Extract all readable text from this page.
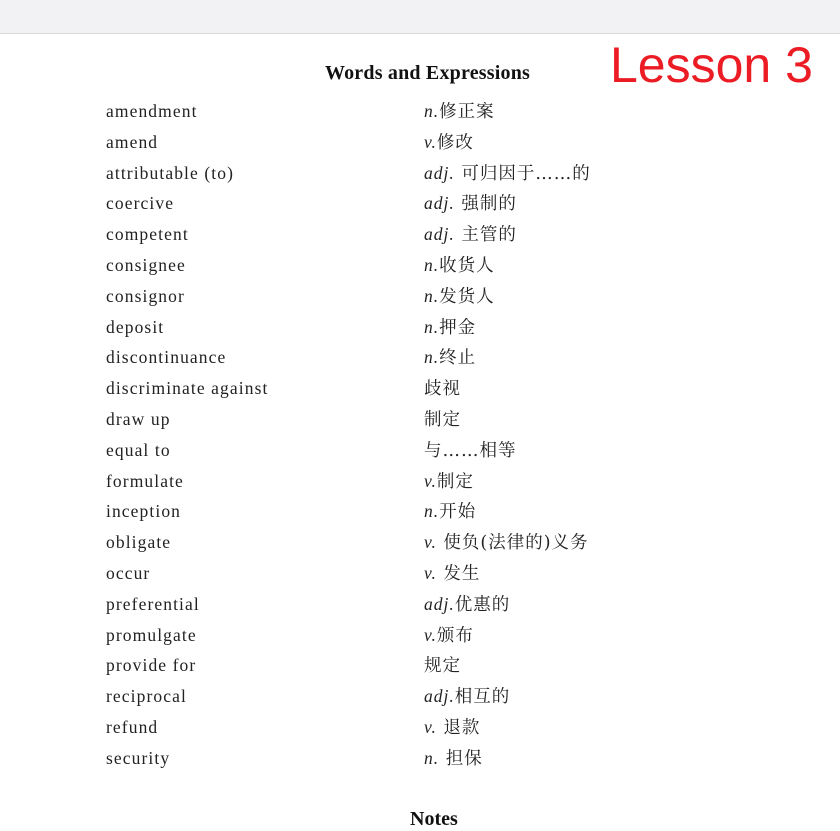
Words and Expressions Lesson 3
amendment	n.修正案
amend	v.修改
attributable (to)	adj. 可归因于……的
coercive	adj. 强制的
competent	adj. 主管的
consignee	n.收货人
consignor	n.发货人
deposit	n.押金
discontinuance	n.终止
discriminate against	歧视
draw up	制定
equal to	与……相等
formulate	v.制定
inception	n.开始
obligate	v. 使负(法律的)义务
occur	v. 发生
preferential	adj.优惠的
promulgate	v.颁布
provide for	规定
reciprocal	adj.相互的
refund	v. 退款
security	n. 担保
Notes
